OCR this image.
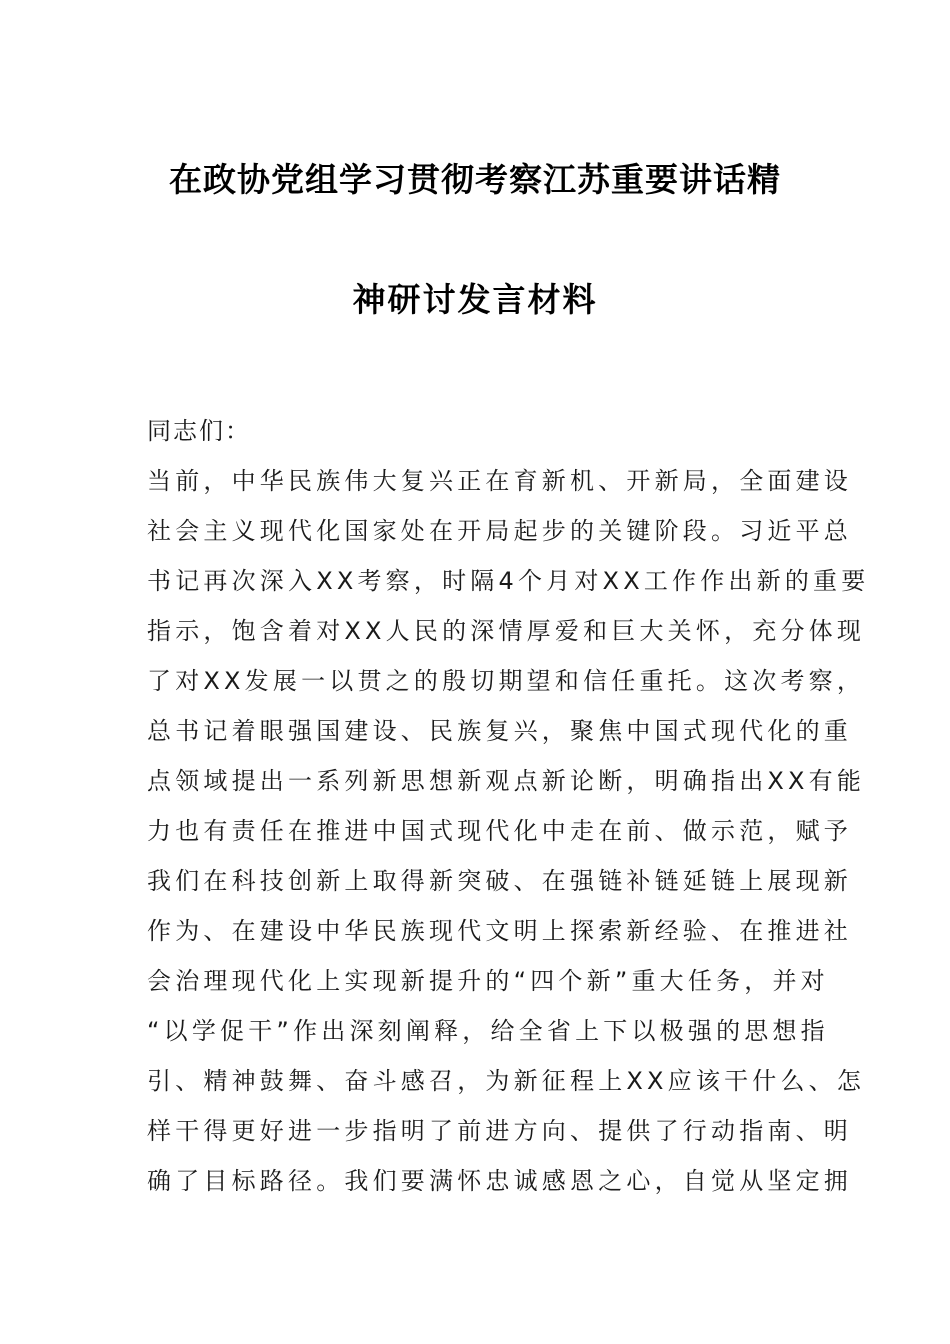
在政协党组学习贯彻考察江苏重要讲话精
神研讨发言材料
同志们：
当前，中华民族伟大复兴正在育新机、开新局，全面建设
社会主义现代化国家处在开局起步的关键阶段。习近平总
书记再次深入XX考察，时隔4个月对XX工作作出新的重要
指示，饱含着对XX人民的深情厚爱和巨大关怀，充分体现
了对XX发展一以贯之的殷切期望和信任重托。这次考察，
总书记着眼强国建设、民族复兴，聚焦中国式现代化的重
点领域提出一系列新思想新观点新论断，明确指出XX有能
力也有责任在推进中国式现代化中走在前、做示范，赋予
我们在科技创新上取得新突破、在强链补链延链上展现新
作为、在建设中华民族现代文明上探索新经验、在推进社
会治理现代化上实现新提升的“四个新”重大任务，并对
“以学促干”作出深刻阐释，给全省上下以极强的思想指
引、精神鼓舞、奋斗感召，为新征程上XX应该干什么、怎
样干得更好进一步指明了前进方向、提供了行动指南、明
确了目标路径。我们要满怀忠诚感恩之心，自觉从坚定拥
